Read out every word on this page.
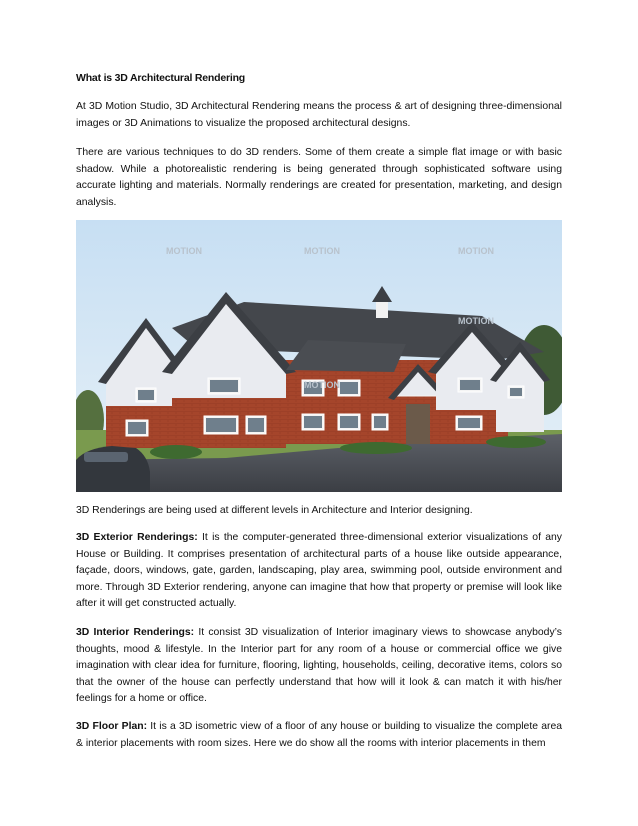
What is 3D Architectural Rendering

At 3D Motion Studio, 3D Architectural Rendering means the process & art of designing three-dimensional images or 3D Animations to visualize the proposed architectural designs.

There are various techniques to do 3D renders. Some of them create a simple flat image or with basic shadow. While a photorealistic rendering is being generated through sophisticated software using accurate lighting and materials. Normally renderings are created for presentation, marketing, and design analysis.

MOTION	MOTION	MOTION
MOTION
MOTION

3D Renderings are being used at different levels in Architecture and Interior designing.

3D Exterior Renderings: It is the computer-generated three-dimensional exterior visualizations of any House or Building. It comprises presentation of architectural parts of a house like outside appearance, façade, doors, windows, gate, garden, landscaping, play area, swimming pool, outside environment and more. Through 3D Exterior rendering, anyone can imagine that how that property or premise will look like after it will get constructed actually.

3D Interior Renderings: It consist 3D visualization of Interior imaginary views to showcase anybody’s thoughts, mood & lifestyle. In the Interior part for any room of a house or commercial office we give imagination with clear idea for furniture, flooring, lighting, households, ceiling, decorative items, colors so that the owner of the house can perfectly understand that how will it look & can match it with his/her feelings for a home or office.

3D Floor Plan: It is a 3D isometric view of a floor of any house or building to visualize the complete area & interior placements with room sizes. Here we do show all the rooms with interior placements in them
